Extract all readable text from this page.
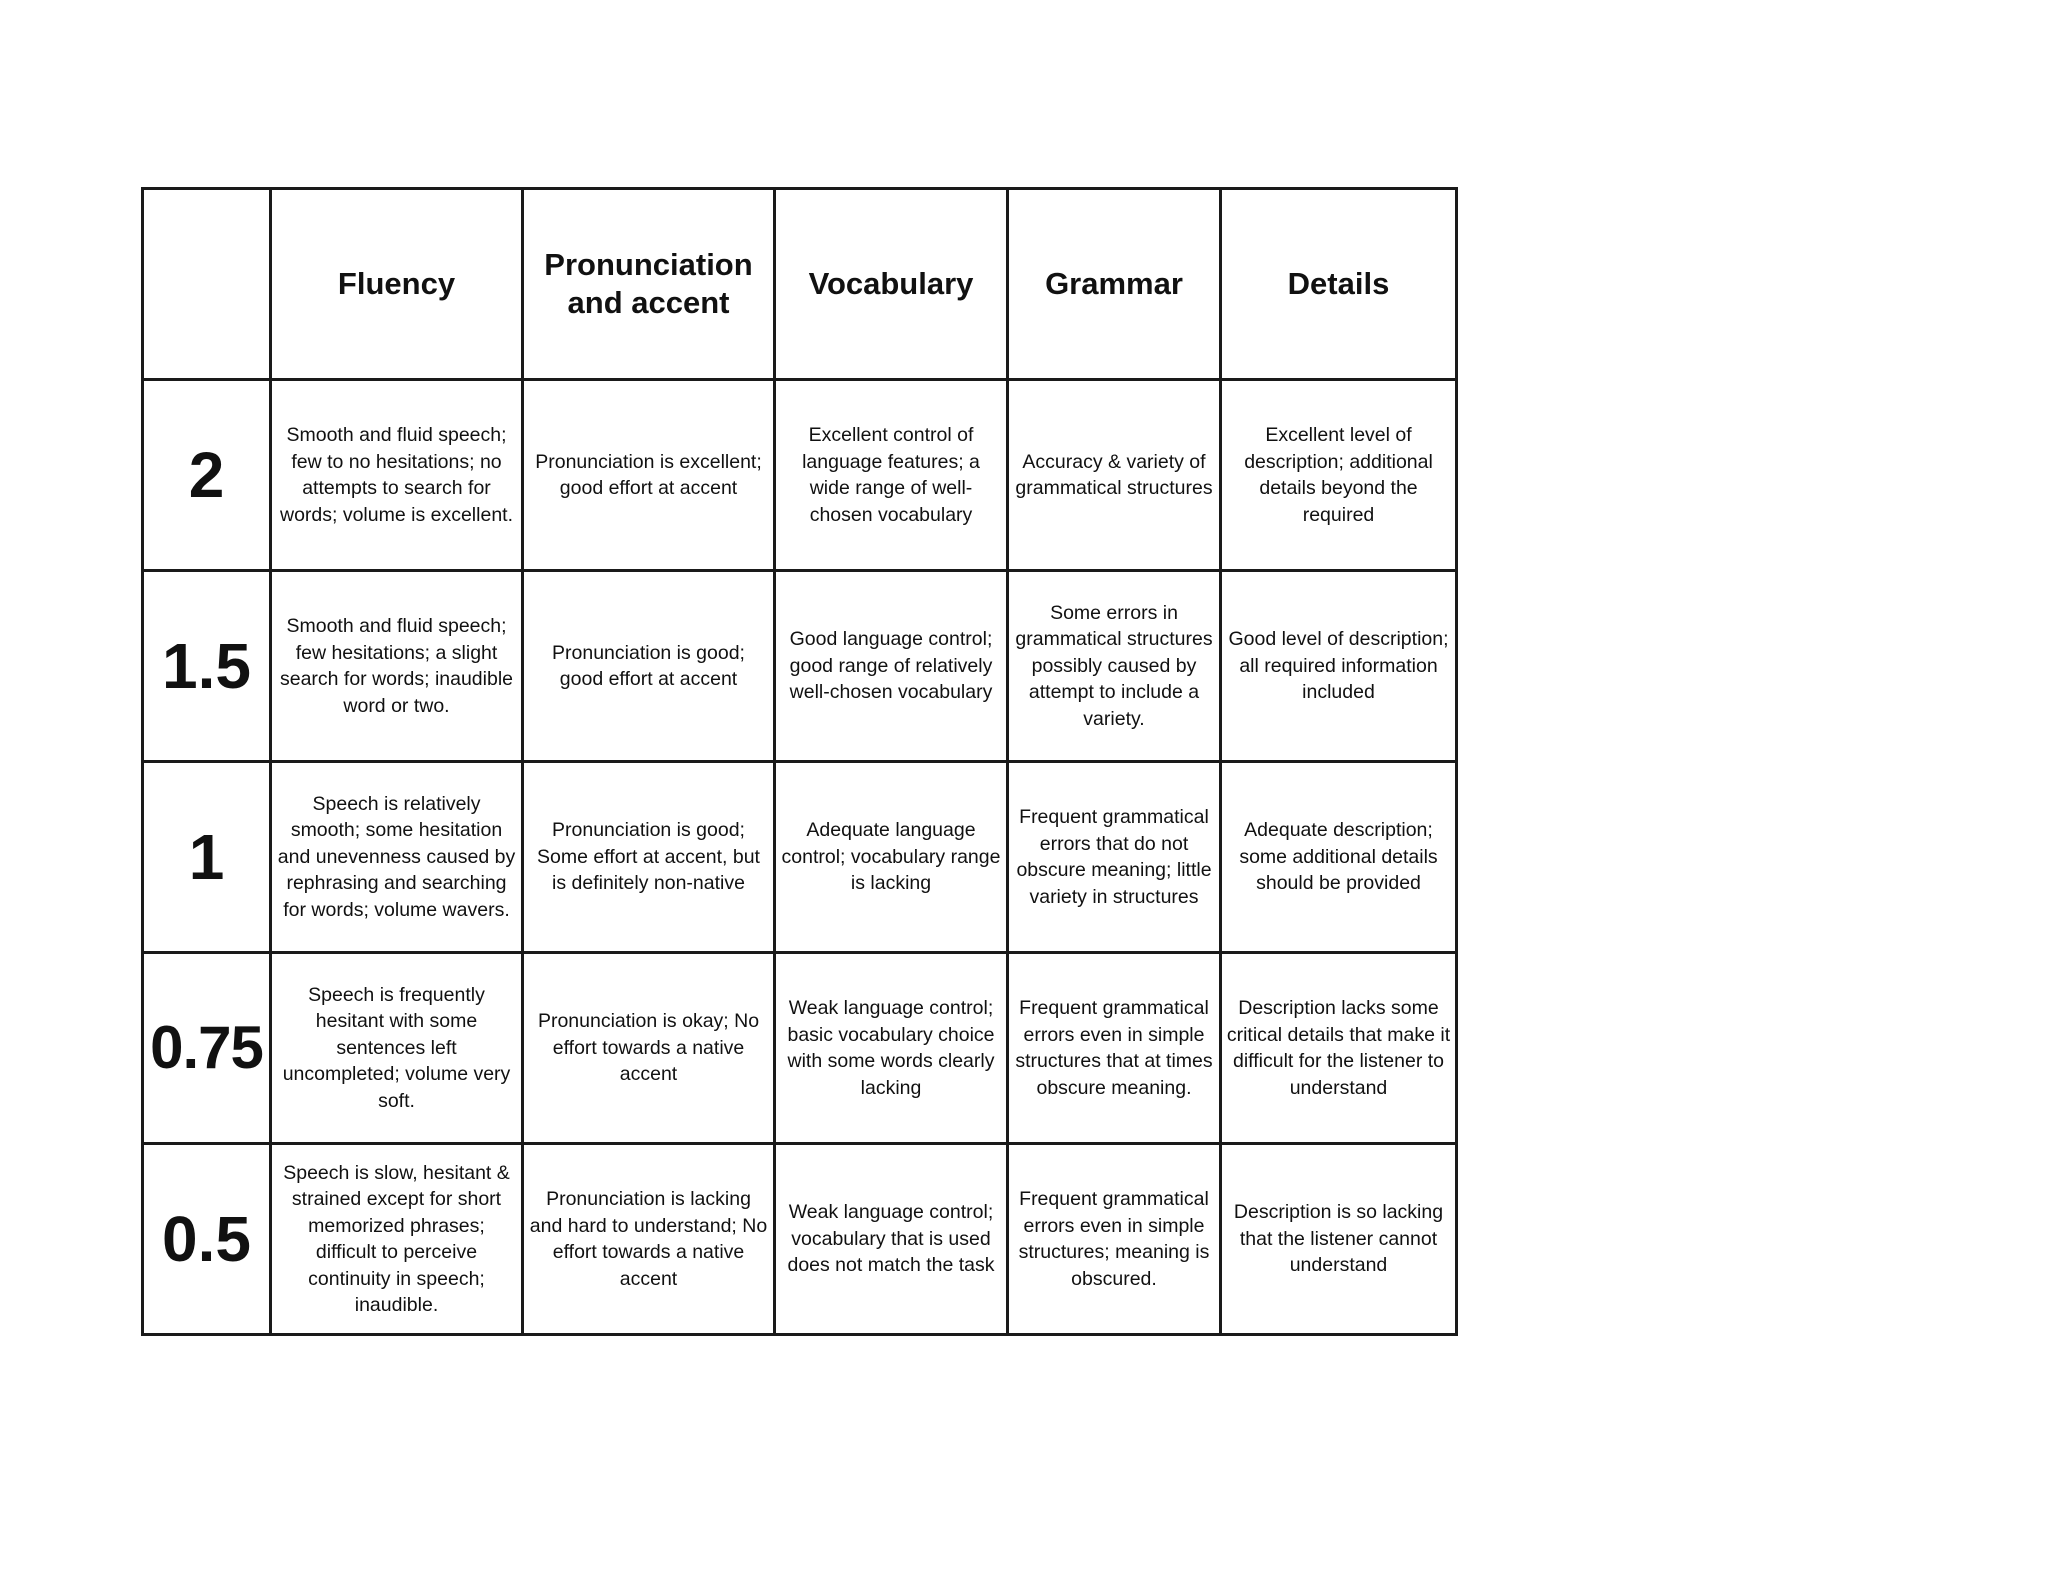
	Fluency	Pronunciation and accent	Vocabulary	Grammar	Details
2	Smooth and fluid speech; few to no hesitations; no attempts to search for words; volume is excellent.	Pronunciation is excellent; good effort at accent	Excellent control of language features; a wide range of well-chosen vocabulary	Accuracy & variety of grammatical structures	Excellent level of description; additional details beyond the required
1.5	Smooth and fluid speech; few hesitations; a slight search for words; inaudible word or two.	Pronunciation is good; good effort at accent	Good language control; good range of relatively well-chosen vocabulary	Some errors in grammatical structures possibly caused by attempt to include a variety.	Good level of description; all required information included
1	Speech is relatively smooth; some hesitation and unevenness caused by rephrasing and searching for words; volume wavers.	Pronunciation is good; Some effort at accent, but is definitely non-native	Adequate language control; vocabulary range is lacking	Frequent grammatical errors that do not obscure meaning; little variety in structures	Adequate description; some additional details should be provided
0.75	Speech is frequently hesitant with some sentences left uncompleted; volume very soft.	Pronunciation is okay; No effort towards a native accent	Weak language control; basic vocabulary choice with some words clearly lacking	Frequent grammatical errors even in simple structures that at times obscure meaning.	Description lacks some critical details that make it difficult for the listener to understand
0.5	Speech is slow, hesitant & strained except for short memorized phrases; difficult to perceive continuity in speech; inaudible.	Pronunciation is lacking and hard to understand; No effort towards a native accent	Weak language control; vocabulary that is used does not match the task	Frequent grammatical errors even in simple structures; meaning is obscured.	Description is so lacking that the listener cannot understand
